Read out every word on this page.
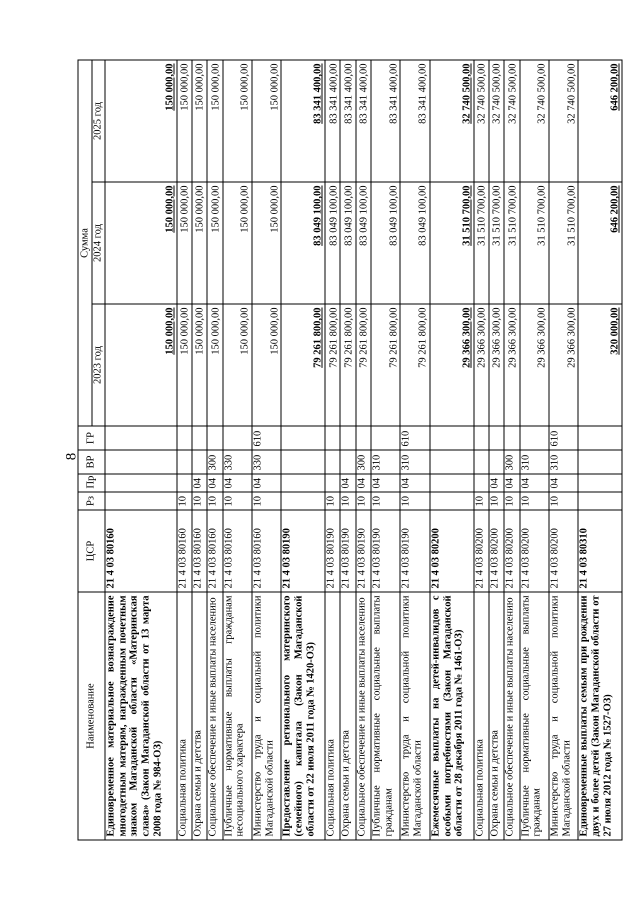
8
Наименование	ЦСР	Рз	Пр	ВР	ГР	Сумма		
						2023 год	2024 год	2025 год
Единовременное материальное вознаграждение многодетным матерям, награжденным почетным знаком Магаданской области «Материнская слава» (Закон Магаданской области от 13 марта 2008 года № 984-ОЗ)	21 4 03 80160					150 000,00	150 000,00	150 000,00
Социальная политика	21 4 03 80160	10				150 000,00	150 000,00	150 000,00
Охрана семьи и детства	21 4 03 80160	10	04			150 000,00	150 000,00	150 000,00
Социальное обеспечение и иные выплаты населению	21 4 03 80160	10	04	300		150 000,00	150 000,00	150 000,00
Публичные нормативные выплаты гражданам несоциального характера	21 4 03 80160	10	04	330		150 000,00	150 000,00	150 000,00
Министерство труда и социальной политики Магаданской области	21 4 03 80160	10	04	330	610	150 000,00	150 000,00	150 000,00
Предоставление регионального материнского (семейного) капитала (Закон Магаданской области от 22 июля 2011 года № 1420-ОЗ)	21 4 03 80190					79 261 800,00	83 049 100,00	83 341 400,00
Социальная политика	21 4 03 80190	10				79 261 800,00	83 049 100,00	83 341 400,00
Охрана семьи и детства	21 4 03 80190	10	04			79 261 800,00	83 049 100,00	83 341 400,00
Социальное обеспечение и иные выплаты населению	21 4 03 80190	10	04	300		79 261 800,00	83 049 100,00	83 341 400,00
Публичные нормативные социальные выплаты гражданам	21 4 03 80190	10	04	310		79 261 800,00	83 049 100,00	83 341 400,00
Министерство труда и социальной политики Магаданской области	21 4 03 80190	10	04	310	610	79 261 800,00	83 049 100,00	83 341 400,00
Ежемесячные выплаты на детей-инвалидов с особыми потребностями (Закон Магаданской области от 28 декабря 2011 года № 1461-ОЗ)	21 4 03 80200					29 366 300,00	31 510 700,00	32 740 500,00
Социальная политика	21 4 03 80200	10				29 366 300,00	31 510 700,00	32 740 500,00
Охрана семьи и детства	21 4 03 80200	10	04			29 366 300,00	31 510 700,00	32 740 500,00
Социальное обеспечение и иные выплаты населению	21 4 03 80200	10	04	300		29 366 300,00	31 510 700,00	32 740 500,00
Публичные нормативные социальные выплаты гражданам	21 4 03 80200	10	04	310		29 366 300,00	31 510 700,00	32 740 500,00
Министерство труда и социальной политики Магаданской области	21 4 03 80200	10	04	310	610	29 366 300,00	31 510 700,00	32 740 500,00
Единовременные выплаты семьям при рождении двух и более детей (Закон Магаданской области от 27 июля 2012 года № 1527-ОЗ)	21 4 03 80310					320 000,00	646 200,00	646 200,00
